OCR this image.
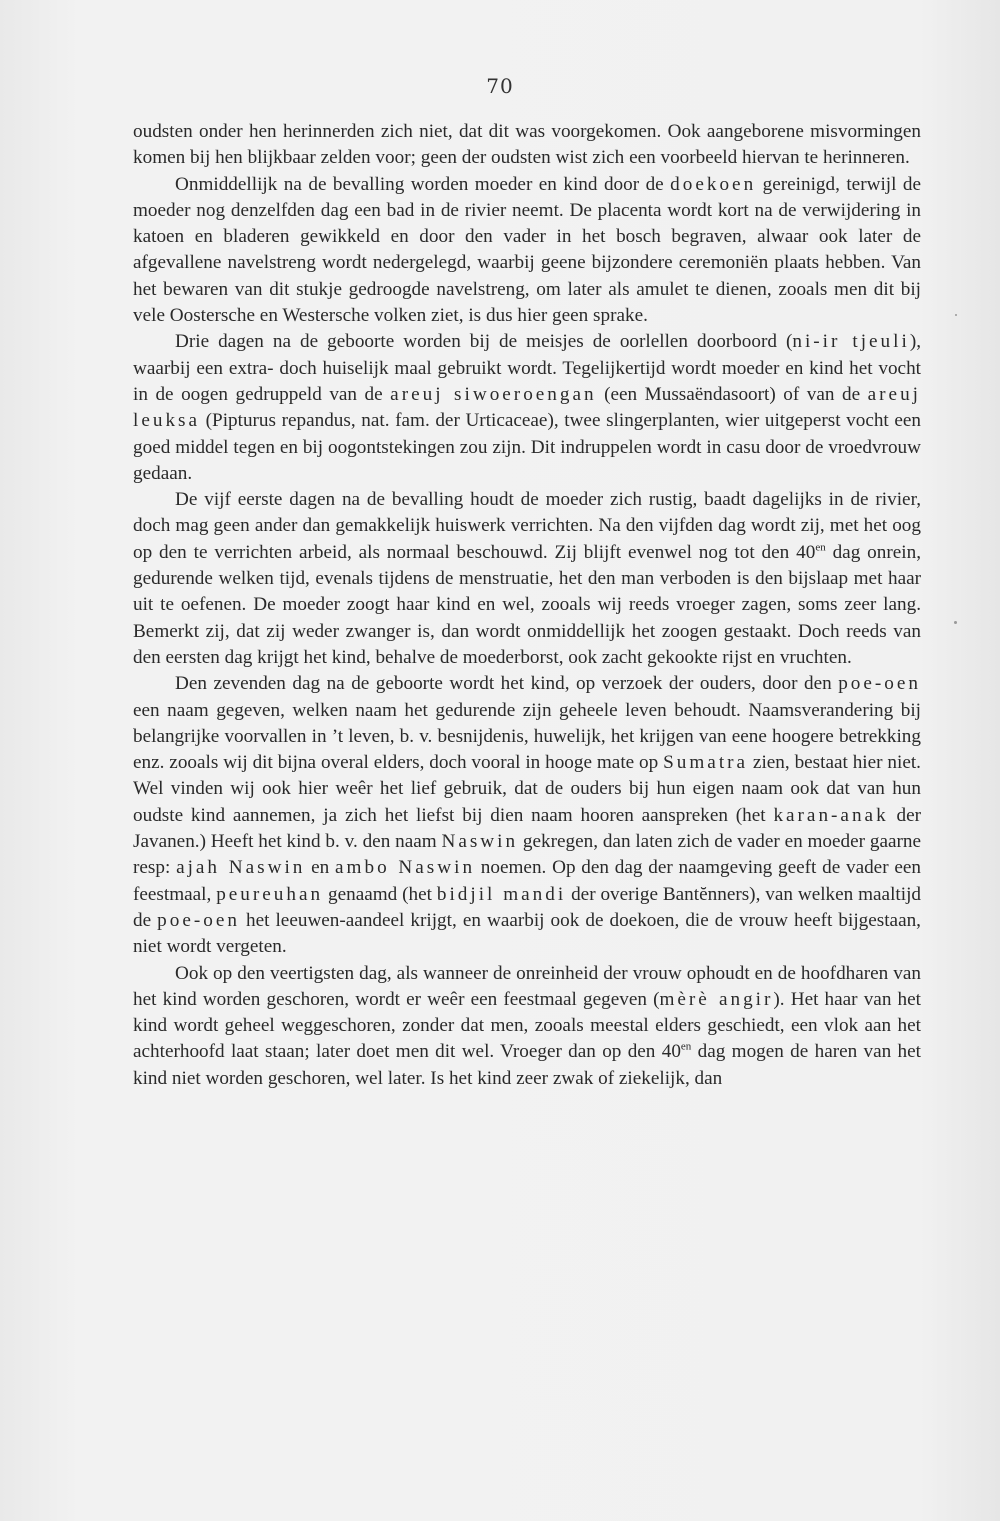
70

oudsten onder hen herinnerden zich niet, dat dit was voorgekomen. Ook aangeborene misvormingen komen bij hen blijkbaar zelden voor; geen der oudsten wist zich een voorbeeld hiervan te herinneren.

Onmiddellijk na de bevalling worden moeder en kind door de doekoen gereinigd, terwijl de moeder nog denzelfden dag een bad in de rivier neemt. De placenta wordt kort na de verwijdering in katoen en bladeren gewikkeld en door den vader in het bosch begraven, alwaar ook later de afgevallene navelstreng wordt nedergelegd, waarbij geene bijzondere ceremoniën plaats hebben. Van het bewaren van dit stukje gedroogde navelstreng, om later als amulet te dienen, zooals men dit bij vele Oostersche en Westersche volken ziet, is dus hier geen sprake.

Drie dagen na de geboorte worden bij de meisjes de oorlellen doorboord (ni-ir tjeuli), waarbij een extra- doch huiselijk maal gebruikt wordt. Tegelijkertijd wordt moeder en kind het vocht in de oogen gedruppeld van de areuj siwoeroengan (een Mussaëndasoort) of van de areuj leuksa (Pipturus repandus, nat. fam. der Urticaceae), twee slingerplanten, wier uitgeperst vocht een goed middel tegen en bij oogontstekingen zou zijn. Dit indruppelen wordt in casu door de vroedvrouw gedaan.

De vijf eerste dagen na de bevalling houdt de moeder zich rustig, baadt dagelijks in de rivier, doch mag geen ander dan gemakkelijk huiswerk verrichten. Na den vijfden dag wordt zij, met het oog op den te verrichten arbeid, als normaal beschouwd. Zij blijft evenwel nog tot den $40^{en}$ dag onrein, gedurende welken tijd, evenals tijdens de menstruatie, het den man verboden is den bijslaap met haar uit te oefenen. De moeder zoogt haar kind en wel, zooals wij reeds vroeger zagen, soms zeer lang. Bemerkt zij, dat zij weder zwanger is, dan wordt onmiddellijk het zoogen gestaakt. Doch reeds van den eersten dag krijgt het kind, behalve de moederborst, ook zacht gekookte rijst en vruchten.

Den zevenden dag na de geboorte wordt het kind, op verzoek der ouders, door den poe-oen een naam gegeven, welken naam het gedurende zijn geheele leven behoudt. Naamsverandering bij belangrijke voorvallen in ’t leven, b. v. besnijdenis, huwelijk, het krijgen van eene hoogere betrekking enz. zooals wij dit bijna overal elders, doch vooral in hooge mate op Sumatra zien, bestaat hier niet. Wel vinden wij ook hier weêr het lief gebruik, dat de ouders bij hun eigen naam ook dat van hun oudste kind aannemen, ja zich het liefst bij dien naam hooren aanspreken (het karan-anak der Javanen.) Heeft het kind b. v. den naam Naswin gekregen, dan laten zich de vader en moeder gaarne resp: ajah Naswin en ambo Naswin noemen. Op den dag der naamgeving geeft de vader een feestmaal, peureuhan genaamd (het bidjil mandi der overige Bantĕnners), van welken maaltijd de poe-oen het leeuwen-aandeel krijgt, en waarbij ook de doekoen, die de vrouw heeft bijgestaan, niet wordt vergeten.

Ook op den veertigsten dag, als wanneer de onreinheid der vrouw ophoudt en de hoofdharen van het kind worden geschoren, wordt er weêr een feestmaal gegeven (mèrè angir). Het haar van het kind wordt geheel weggeschoren, zonder dat men, zooals meestal elders geschiedt, een vlok aan het achterhoofd laat staan; later doet men dit wel. Vroeger dan op den $40^{en}$ dag mogen de haren van het kind niet worden geschoren, wel later. Is het kind zeer zwak of ziekelijk, dan
